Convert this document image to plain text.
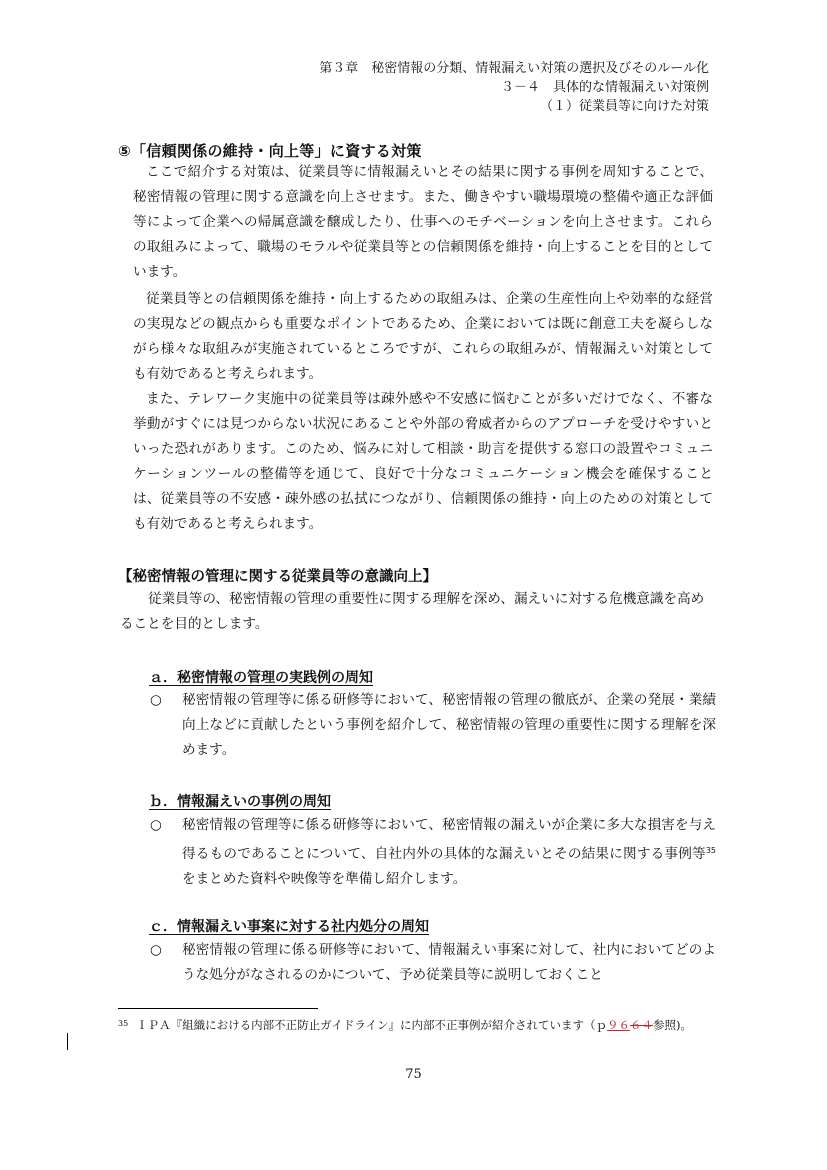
第３章　秘密情報の分類、情報漏えい対策の選択及びそのルール化
３－４　具体的な情報漏えい対策例
（１）従業員等に向けた対策
⑤「信頼関係の維持・向上等」に資する対策
ここで紹介する対策は、従業員等に情報漏えいとその結果に関する事例を周知することで、秘密情報の管理に関する意識を向上させます。また、働きやすい職場環境の整備や適正な評価等によって企業への帰属意識を醸成したり、仕事へのモチベーションを向上させます。これらの取組みによって、職場のモラルや従業員等との信頼関係を維持・向上することを目的としています。
従業員等との信頼関係を維持・向上するための取組みは、企業の生産性向上や効率的な経営の実現などの観点からも重要なポイントであるため、企業においては既に創意工夫を凝らしながら様々な取組みが実施されているところですが、これらの取組みが、情報漏えい対策としても有効であると考えられます。
また、テレワーク実施中の従業員等は疎外感や不安感に悩むことが多いだけでなく、不審な挙動がすぐには見つからない状況にあることや外部の脅威者からのアプローチを受けやすいといった恐れがあります。このため、悩みに対して相談・助言を提供する窓口の設置やコミュニケーションツールの整備等を通じて、良好で十分なコミュニケーション機会を確保することは、従業員等の不安感・疎外感の払拭につながり、信頼関係の維持・向上のための対策としても有効であると考えられます。
【秘密情報の管理に関する従業員等の意識向上】
従業員等の、秘密情報の管理の重要性に関する理解を深め、漏えいに対する危機意識を高めることを目的とします。
ａ．秘密情報の管理の実践例の周知
○ 秘密情報の管理等に係る研修等において、秘密情報の管理の徹底が、企業の発展・業績向上などに貢献したという事例を紹介して、秘密情報の管理の重要性に関する理解を深めます。
ｂ．情報漏えいの事例の周知
○ 秘密情報の管理等に係る研修等において、秘密情報の漏えいが企業に多大な損害を与え得るものであることについて、自社内外の具体的な漏えいとその結果に関する事例等$^{35}$をまとめた資料や映像等を準備し紹介します。
ｃ．情報漏えい事案に対する社内処分の周知
○ 秘密情報の管理に係る研修等において、情報漏えい事案に対して、社内においてどのような処分がなされるのかについて、予め従業員等に説明しておくこと
$^{35}$ ＩＰＡ『組織における内部不正防止ガイドライン』に内部不正事例が紹介されています（ｐ９６６４参照)。
75
